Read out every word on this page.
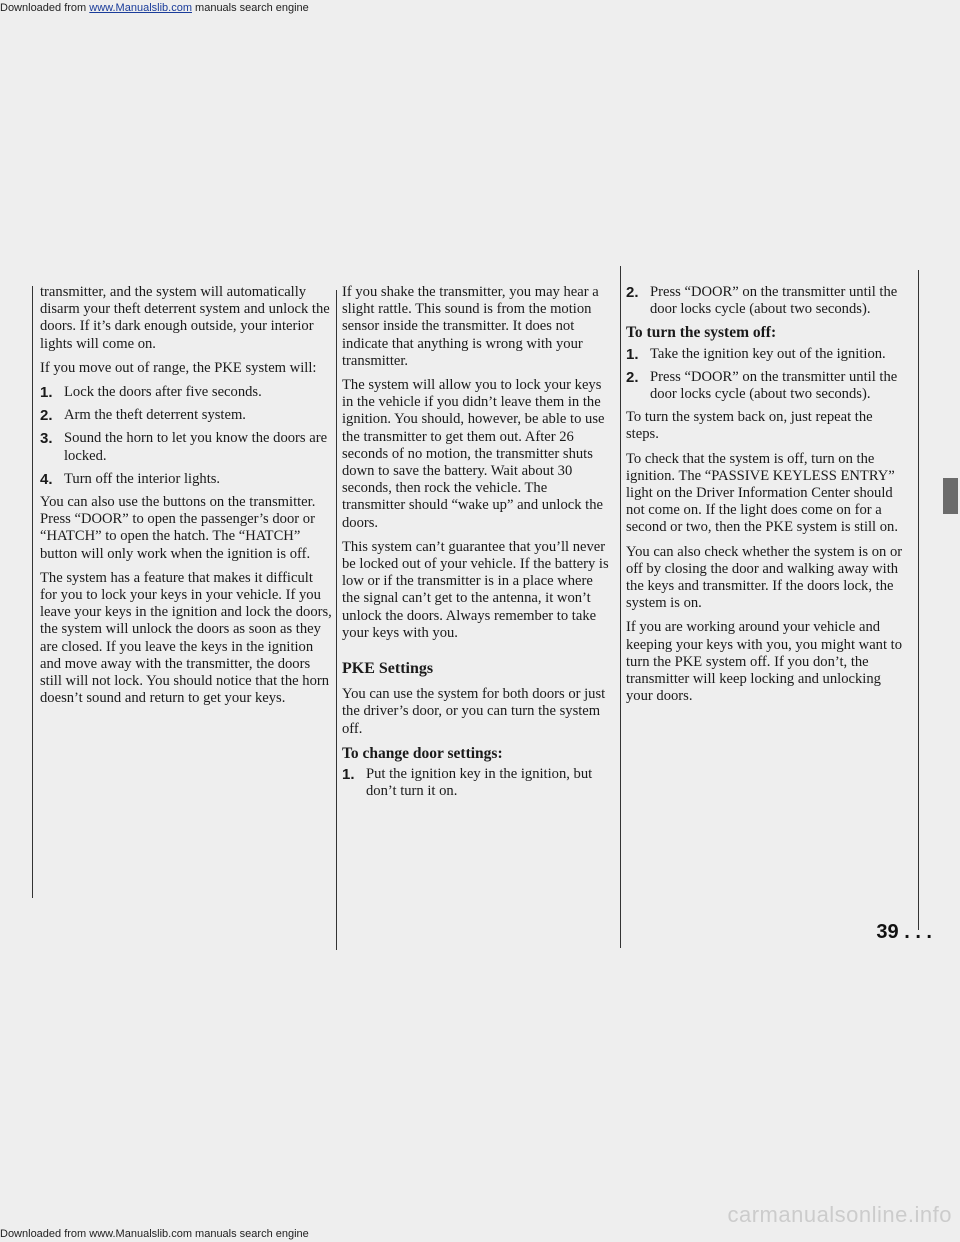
Downloaded from www.Manualslib.com manuals search engine

transmitter, and the system will automatically disarm your theft deterrent system and unlock the doors. If it’s dark enough outside, your interior lights will come on.

If you move out of range, the PKE system will:

1. Lock the doors after five seconds.
2. Arm the theft deterrent system.
3. Sound the horn to let you know the doors are locked.
4. Turn off the interior lights.

You can also use the buttons on the transmitter. Press “DOOR” to open the passenger’s door or “HATCH” to open the hatch. The “HATCH” button will only work when the ignition is off.

The system has a feature that makes it difficult for you to lock your keys in your vehicle. If you leave your keys in the ignition and lock the doors, the system will unlock the doors as soon as they are closed. If you leave the keys in the ignition and move away with the transmitter, the doors still will not lock. You should notice that the horn doesn’t sound and return to get your keys.

If you shake the transmitter, you may hear a slight rattle. This sound is from the motion sensor inside the transmitter. It does not indicate that anything is wrong with your transmitter.

The system will allow you to lock your keys in the vehicle if you didn’t leave them in the ignition. You should, however, be able to use the transmitter to get them out. After 26 seconds of no motion, the transmitter shuts down to save the battery. Wait about 30 seconds, then rock the vehicle. The transmitter should “wake up” and unlock the doors.

This system can’t guarantee that you’ll never be locked out of your vehicle. If the battery is low or if the transmitter is in a place where the signal can’t get to the antenna, it won’t unlock the doors. Always remember to take your keys with you.

PKE Settings

You can use the system for both doors or just the driver’s door, or you can turn the system off.

To change door settings:
1. Put the ignition key in the ignition, but don’t turn it on.
2. Press “DOOR” on the transmitter until the door locks cycle (about two seconds).
To turn the system off:
1. Take the ignition key out of the ignition.
2. Press “DOOR” on the transmitter until the door locks cycle (about two seconds).

To turn the system back on, just repeat the steps.

To check that the system is off, turn on the ignition. The “PASSIVE KEYLESS ENTRY” light on the Driver Information Center should not come on. If the light does come on for a second or two, then the PKE system is still on.

You can also check whether the system is on or off by closing the door and walking away with the keys and transmitter. If the doors lock, the system is on.

If you are working around your vehicle and keeping your keys with you, you might want to turn the PKE system off. If you don’t, the transmitter will keep locking and unlocking your doors.

39 . . .
carmanualsonline.info
Downloaded from www.Manualslib.com manuals search engine
